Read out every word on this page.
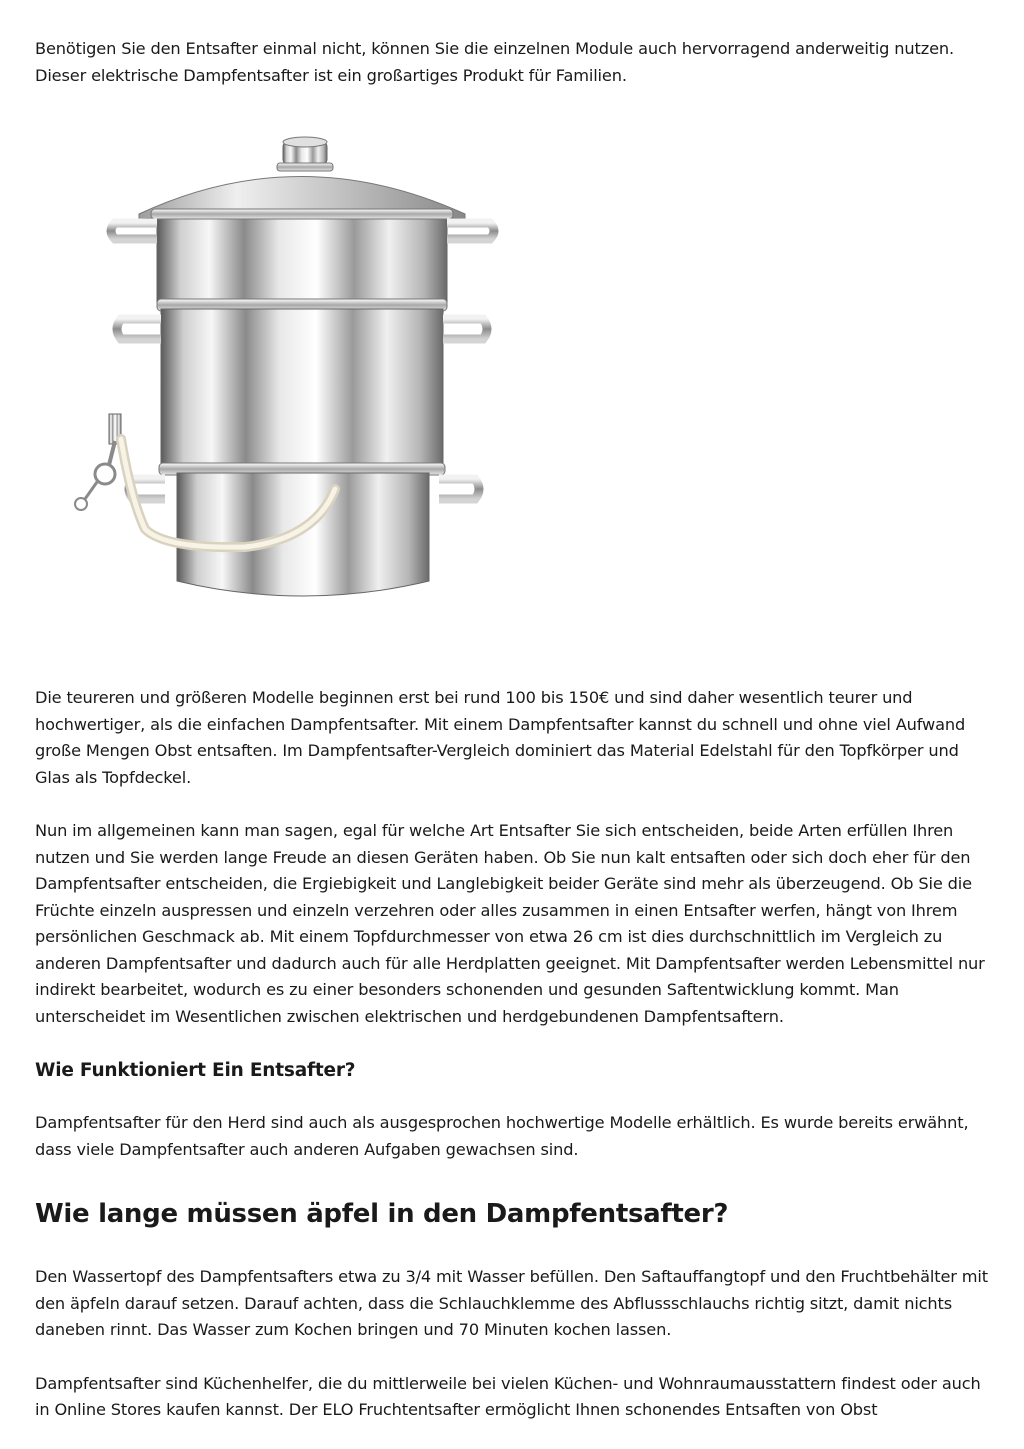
Benötigen Sie den Entsafter einmal nicht, können Sie die einzelnen Module auch hervorragend anderweitig nutzen. Dieser elektrische Dampfentsafter ist ein großartiges Produkt für Familien.

Die teureren und größeren Modelle beginnen erst bei rund 100 bis 150€ und sind daher wesentlich teurer und hochwertiger, als die einfachen Dampfentsafter. Mit einem Dampfentsafter kannst du schnell und ohne viel Aufwand große Mengen Obst entsaften. Im Dampfentsafter-Vergleich dominiert das Material Edelstahl für den Topfkörper und Glas als Topfdeckel.

Nun im allgemeinen kann man sagen, egal für welche Art Entsafter Sie sich entscheiden, beide Arten erfüllen Ihren nutzen und Sie werden lange Freude an diesen Geräten haben. Ob Sie nun kalt entsaften oder sich doch eher für den Dampfentsafter entscheiden, die Ergiebigkeit und Langlebigkeit beider Geräte sind mehr als überzeugend. Ob Sie die Früchte einzeln auspressen und einzeln verzehren oder alles zusammen in einen Entsafter werfen, hängt von Ihrem persönlichen Geschmack ab. Mit einem Topfdurchmesser von etwa 26 cm ist dies durchschnittlich im Vergleich zu anderen Dampfentsafter und dadurch auch für alle Herdplatten geeignet. Mit Dampfentsafter werden Lebensmittel nur indirekt bearbeitet, wodurch es zu einer besonders schonenden und gesunden Saftentwicklung kommt. Man unterscheidet im Wesentlichen zwischen elektrischen und herdgebundenen Dampfentsaftern.

Wie Funktioniert Ein Entsafter?

Dampfentsafter für den Herd sind auch als ausgesprochen hochwertige Modelle erhältlich. Es wurde bereits erwähnt, dass viele Dampfentsafter auch anderen Aufgaben gewachsen sind.

Wie lange müssen äpfel in den Dampfentsafter?

Den Wassertopf des Dampfentsafters etwa zu 3/4 mit Wasser befüllen. Den Saftauffangtopf und den Fruchtbehälter mit den äpfeln darauf setzen. Darauf achten, dass die Schlauchklemme des Abflussschlauchs richtig sitzt, damit nichts daneben rinnt. Das Wasser zum Kochen bringen und 70 Minuten kochen lassen.

Dampfentsafter sind Küchenhelfer, die du mittlerweile bei vielen Küchen- und Wohnraumausstattern findest oder auch in Online Stores kaufen kannst. Der ELO Fruchtentsafter ermöglicht Ihnen schonendes Entsaften von Obst
